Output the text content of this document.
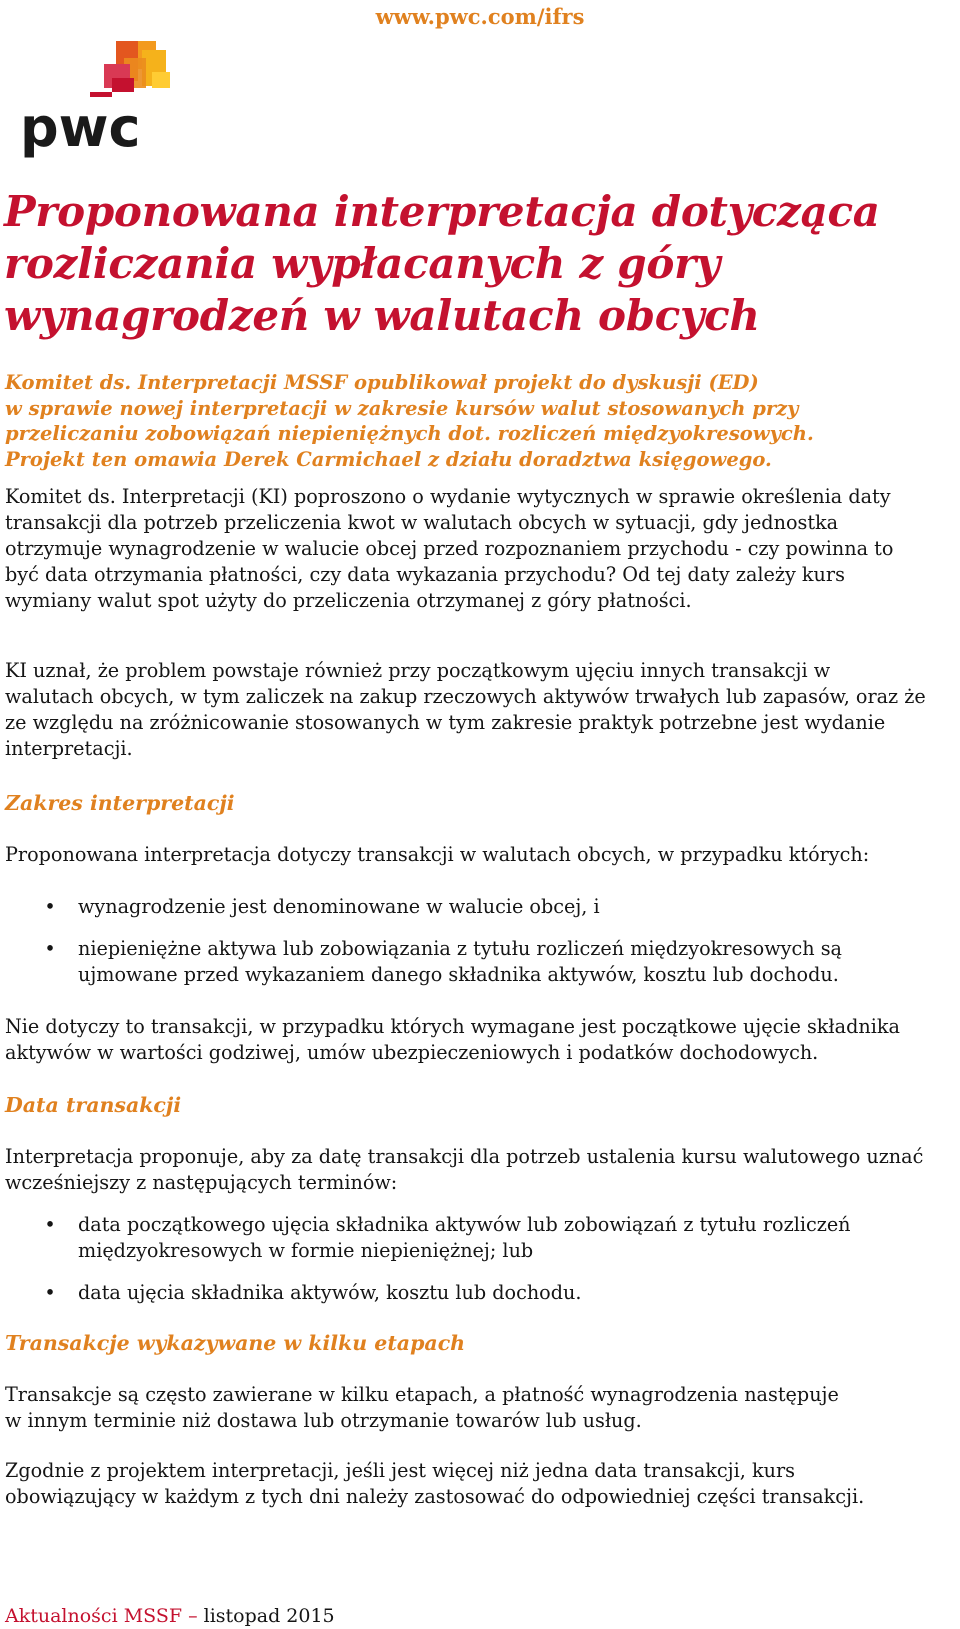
www.pwc.com/ifrs
pwc
Proponowana interpretacja dotycząca
rozliczania wypłacanych z góry
wynagrodzeń w walutach obcych

Komitet ds. Interpretacji MSSF opublikował projekt do dyskusji (ED)
w sprawie nowej interpretacji w zakresie kursów walut stosowanych przy
przeliczaniu zobowiązań niepieniężnych dot. rozliczeń międzyokresowych.
Projekt ten omawia Derek Carmichael z działu doradztwa księgowego.

Komitet ds. Interpretacji (KI) poproszono o wydanie wytycznych w sprawie określenia daty
transakcji dla potrzeb przeliczenia kwot w walutach obcych w sytuacji, gdy jednostka
otrzymuje wynagrodzenie w walucie obcej przed rozpoznaniem przychodu - czy powinna to
być data otrzymania płatności, czy data wykazania przychodu? Od tej daty zależy kurs
wymiany walut spot użyty do przeliczenia otrzymanej z góry płatności.

KI uznał, że problem powstaje również przy początkowym ujęciu innych transakcji w
walutach obcych, w tym zaliczek na zakup rzeczowych aktywów trwałych lub zapasów, oraz że
ze względu na zróżnicowanie stosowanych w tym zakresie praktyk potrzebne jest wydanie
interpretacji.

Zakres interpretacji

Proponowana interpretacja dotyczy transakcji w walutach obcych, w przypadku których:

• wynagrodzenie jest denominowane w walucie obcej, i
• niepieniężne aktywa lub zobowiązania z tytułu rozliczeń międzyokresowych są
ujmowane przed wykazaniem danego składnika aktywów, kosztu lub dochodu.

Nie dotyczy to transakcji, w przypadku których wymagane jest początkowe ujęcie składnika
aktywów w wartości godziwej, umów ubezpieczeniowych i podatków dochodowych.

Data transakcji

Interpretacja proponuje, aby za datę transakcji dla potrzeb ustalenia kursu walutowego uznać
wcześniejszy z następujących terminów:

• data początkowego ujęcia składnika aktywów lub zobowiązań z tytułu rozliczeń
międzyokresowych w formie niepieniężnej; lub
• data ujęcia składnika aktywów, kosztu lub dochodu.
Transakcje wykazywane w kilku etapach

Transakcje są często zawierane w kilku etapach, a płatność wynagrodzenia następuje
w innym terminie niż dostawa lub otrzymanie towarów lub usług.

Zgodnie z projektem interpretacji, jeśli jest więcej niż jedna data transakcji, kurs
obowiązujący w każdym z tych dni należy zastosować do odpowiedniej części transakcji.

Aktualności MSSF – listopad 2015
